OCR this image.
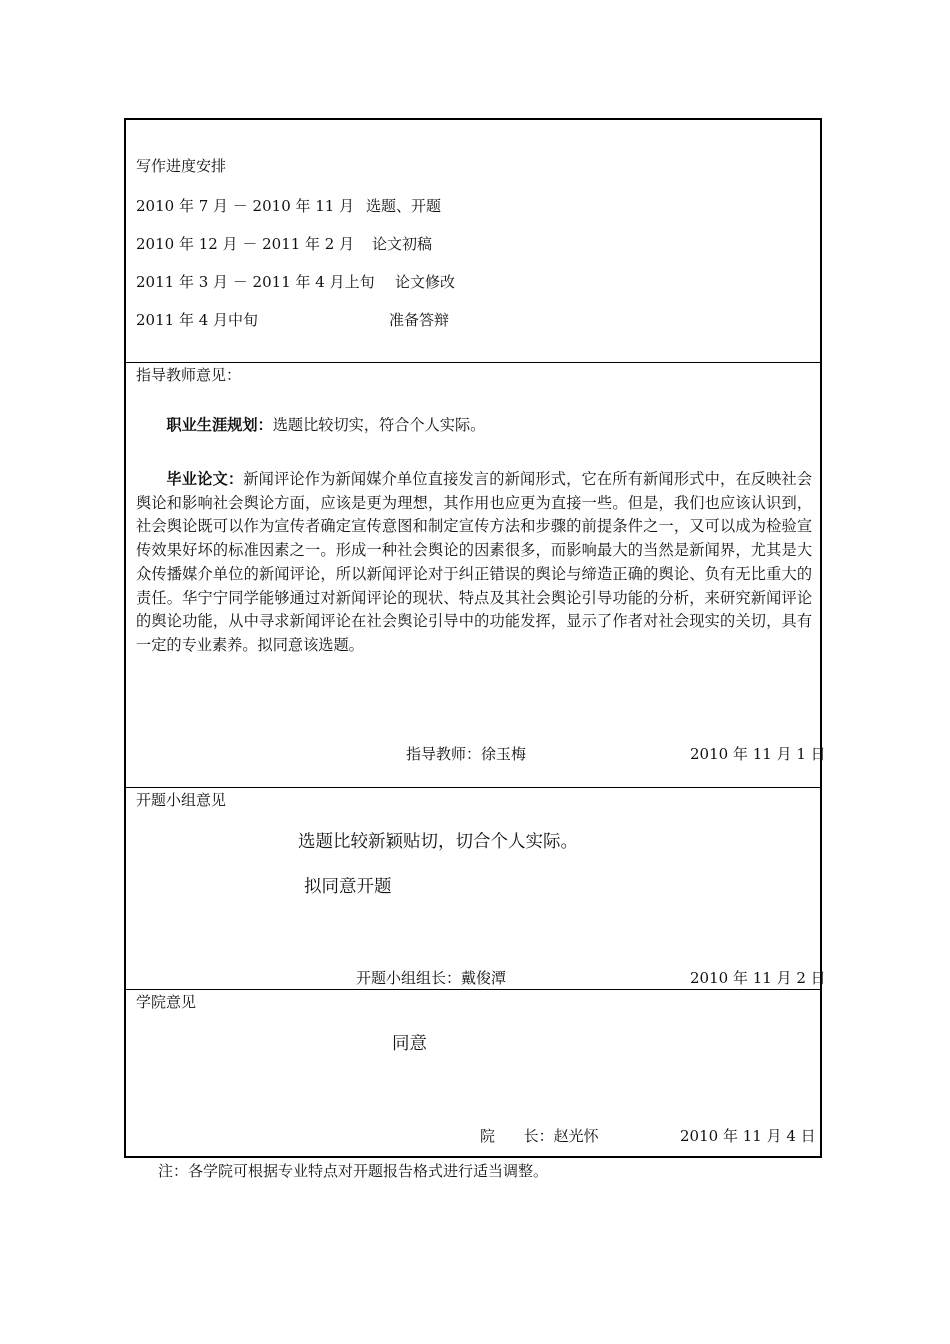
写作进度安排
2010 年 7 月 － 2010 年 11 月 选题、开题
2010 年 12 月 － 2011 年 2 月 论文初稿
2011 年 3 月 － 2011 年 4 月上旬 论文修改
2011 年 4 月中旬	准备答辩
指导教师意见：
职业生涯规划：选题比较切实，符合个人实际。
毕业论文：新闻评论作为新闻媒介单位直接发言的新闻形式，它在所有新闻形式中，在反映社会舆论和影响社会舆论方面，应该是更为理想，其作用也应更为直接一些。但是，我们也应该认识到，社会舆论既可以作为宣传者确定宣传意图和制定宣传方法和步骤的前提条件之一，又可以成为检验宣传效果好坏的标准因素之一。形成一种社会舆论的因素很多，而影响最大的当然是新闻界，尤其是大众传播媒介单位的新闻评论，所以新闻评论对于纠正错误的舆论与缔造正确的舆论、负有无比重大的责任。华宁宁同学能够通过对新闻评论的现状、特点及其社会舆论引导功能的分析，来研究新闻评论的舆论功能，从中寻求新闻评论在社会舆论引导中的功能发挥，显示了作者对社会现实的关切，具有一定的专业素养。拟同意该选题。
指导教师：徐玉梅	2010 年 11 月 1 日
开题小组意见
选题比较新颖贴切，切合个人实际。
拟同意开题
开题小组组长：戴俊潭	2010 年 11 月 2 日
学院意见
同意
院      长：赵光怀	2010 年 11 月 4 日
注：各学院可根据专业特点对开题报告格式进行适当调整。
